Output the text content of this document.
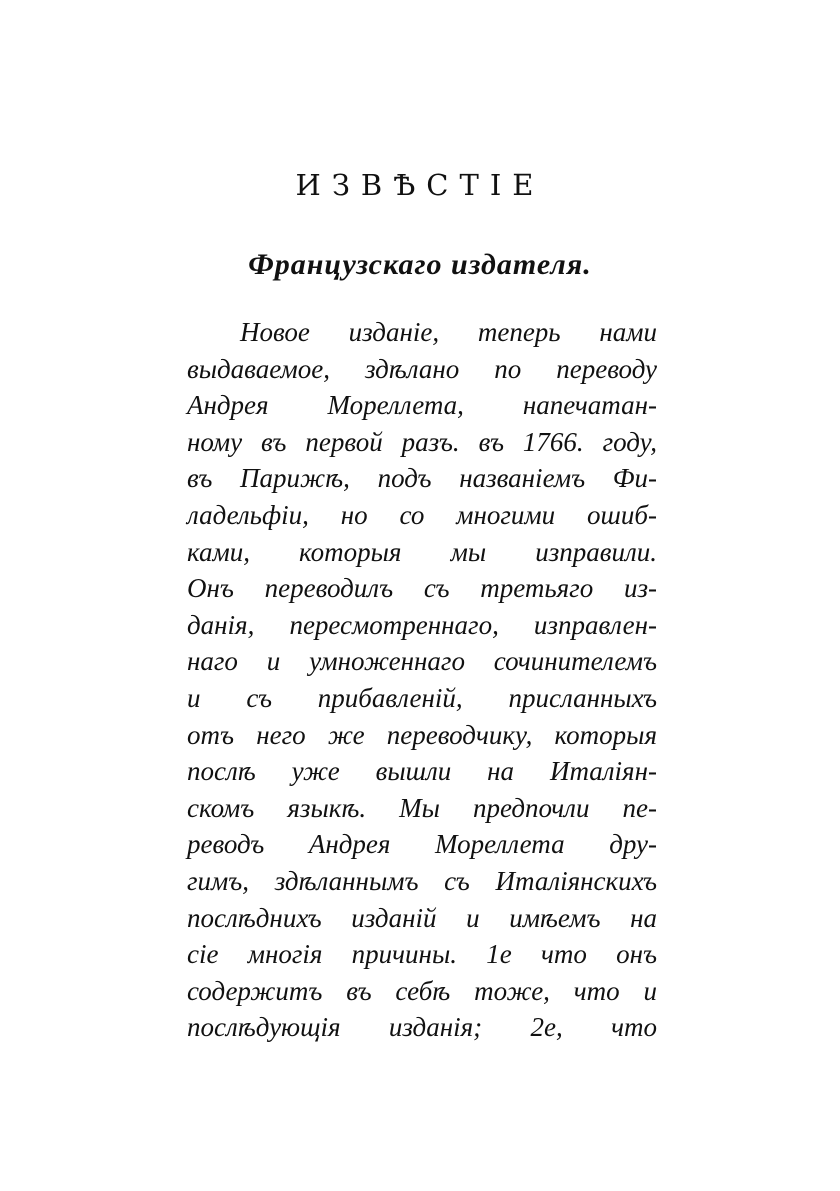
ИЗВѢСТІЕ
Французскаго издателя.
Новое изданіе, теперь нами
выдаваемое, здѣлано по переводу
Андрея Мореллета, напечатан-
ному въ первой разъ. въ 1766. году,
въ Парижѣ, подъ названіемъ Фи-
ладельфіи, но со многими ошиб-
ками, которыя мы изправили.
Онъ переводилъ съ третьяго из-
данія, пересмотреннаго, изправлен-
наго и умноженнаго сочинителемъ
и съ прибавленій, присланныхъ
отъ него же переводчику, которыя
послѣ уже вышли на Италіян-
скомъ языкѣ. Мы предпочли пе-
реводъ Андрея Мореллета дру-
гимъ, здѣланнымъ съ Италіянскихъ
послѣднихъ изданій и имѣемъ на
сіе многія причины. 1е что онъ
содержитъ въ себѣ тоже, что и
послѣдующія изданія; 2е, что
